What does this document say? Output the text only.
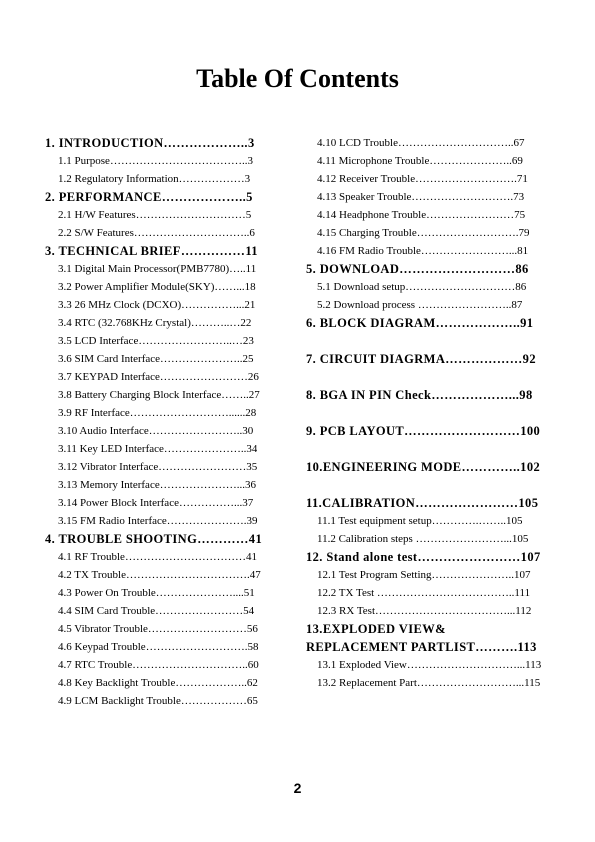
Table Of Contents
1. INTRODUCTION………………..3
1.1 Purpose………………………………..3
1.2 Regulatory Information………………3
2. PERFORMANCE………………..5
2.1 H/W Features…………………………5
2.2 S/W Features…………………………..6
3. TECHNICAL BRIEF……………11
3.1 Digital Main Processor(PMB7780)…..11
3.2 Power Amplifier Module(SKY)……...18
3.3 26 MHz Clock (DCXO)……………...21
3.4 RTC (32.768KHz Crystal)………..…22
3.5 LCD Interface……………………..…23
3.6 SIM Card Interface…………………..25
3.7 KEYPAD Interface……………………26
3.8 Battery Charging Block Interface……..27
3.9 RF Interface………………………......28
3.10 Audio Interface……………………..30
3.11 Key LED Interface…………………..34
3.12 Vibrator Interface……………………35
3.13 Memory Interface…………………...36
3.14 Power Block Interface……………...37
3.15 FM Radio Interface………………….39
4. TROUBLE SHOOTING…………41
4.1 RF Trouble……………………………41
4.2 TX Trouble…………………………….47
4.3 Power On Trouble…………………....51
4.4 SIM Card Trouble……………………54
4.5 Vibrator Trouble………………………56
4.6 Keypad Trouble……………………….58
4.7 RTC Trouble…………………………..60
4.8 Key Backlight Trouble………………..62
4.9 LCM Backlight Trouble………………65
4.10 LCD Trouble…………………………..67
4.11 Microphone Trouble…………………..69
4.12 Receiver Trouble……………………….71
4.13 Speaker Trouble……………………….73
4.14 Headphone Trouble……………………75
4.15 Charging Trouble……………………….79
4.16 FM Radio Trouble……………………...81
5. DOWNLOAD………………………86
5.1 Download setup…………………………86
5.2 Download process ……………………..87
6. BLOCK DIAGRAM………………..91
7. CIRCUIT DIAGRMA………………92
8. BGA IN PIN Check………………...98
9. PCB LAYOUT………………………100
10.ENGINEERING MODE…………..102
11.CALIBRATION……………………105
11.1 Test equipment setup………….……..105
11.2 Calibration steps ……………………...105
12. Stand alone test……………………107
12.1 Test Program Setting…………………..107
12.2 TX Test ………………………………..111
12.3 RX Test………………………………...112
13.EXPLODED VIEW&
REPLACEMENT PARTLIST……….113
13.1 Exploded View…………………………...113
13.2 Replacement Part………………………...115
2
